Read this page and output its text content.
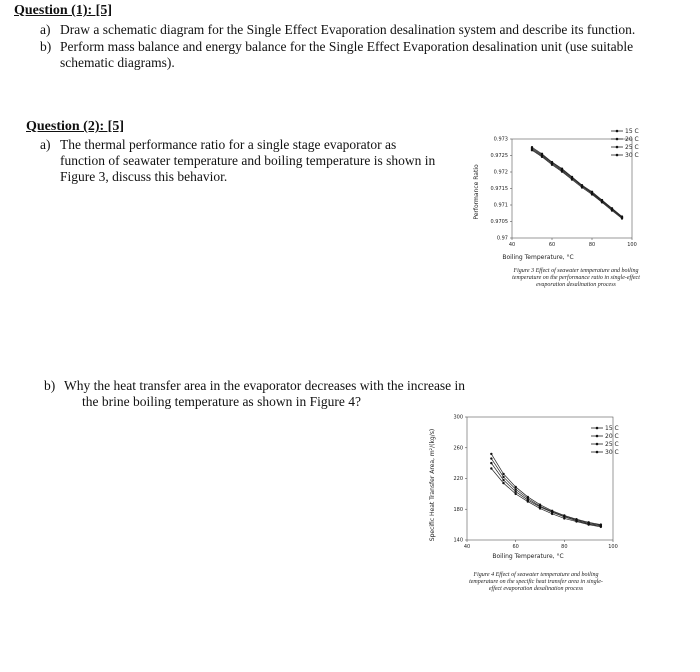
Question (1): [5]
a) Draw a schematic diagram for the Single Effect Evaporation desalination system and describe its function.
b) Perform mass balance and energy balance for the Single Effect Evaporation desalination unit (use suitable
schematic diagrams).
Question (2): [5]
a) The thermal performance ratio for a single stage evaporator as
function of seawater temperature and boiling temperature is shown in
Figure 3, discuss this behavior.
b) Why the heat transfer area in the evaporator decreases with the increase in
the brine boiling temperature as shown in Figure 4?
0.973
0.9725
0.972
0.9715
0.971
0.9705
0.97
40	60	80	100
15 C
20 C
25 C
30 C
Boiling Temperature, °C
Performance Ratio
Figure 3 Effect of seawater temperature and boiling
temperature on the performance ratio in single-effect
evaporation desalination process
300
260
220
180
140
40	60	80	100
15 C
20 C
25 C
30 C
Boiling Temperature, °C
Specific Heat Transfer Area, m²/(kg/s)
Figure 4 Effect of seawater temperature and boiling
temperature on the specific heat transfer area in single-
effect evaporation desalination process
